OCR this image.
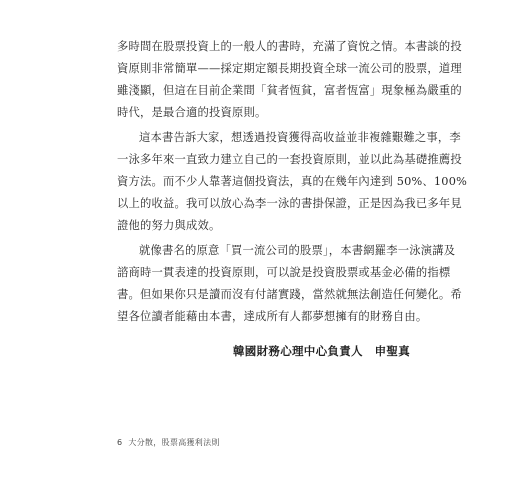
多時間在股票投資上的一般人的書時，充滿了資悅之情。本書談的投
資原則非常簡單——採定期定額長期投資全球一流公司的股票，道理
雖淺顯，但這在目前企業間「貧者恆貧，富者恆富」現象極為嚴重的
時代，是最合適的投資原則。
這本書告訴大家，想透過投資獲得高收益並非複雜艱難之事，李
一泳多年來一直致力建立自己的一套投資原則，並以此為基礎推薦投
資方法。而不少人靠著這個投資法，真的在幾年內達到 50%、100%
以上的收益。我可以放心為李一泳的書掛保證，正是因為我已多年見
證他的努力與成效。
就像書名的原意「買一流公司的股票」，本書網羅李一泳演講及
諮商時一貫表達的投資原則，可以說是投資股票或基金必備的指標
書。但如果你只是讀而沒有付諸實踐，當然就無法創造任何變化。希
望各位讀者能藉由本書，達成所有人都夢想擁有的財務自由。
韓國財務心理中心負責人　申聖真
6 大分散，股票高獲利法則
